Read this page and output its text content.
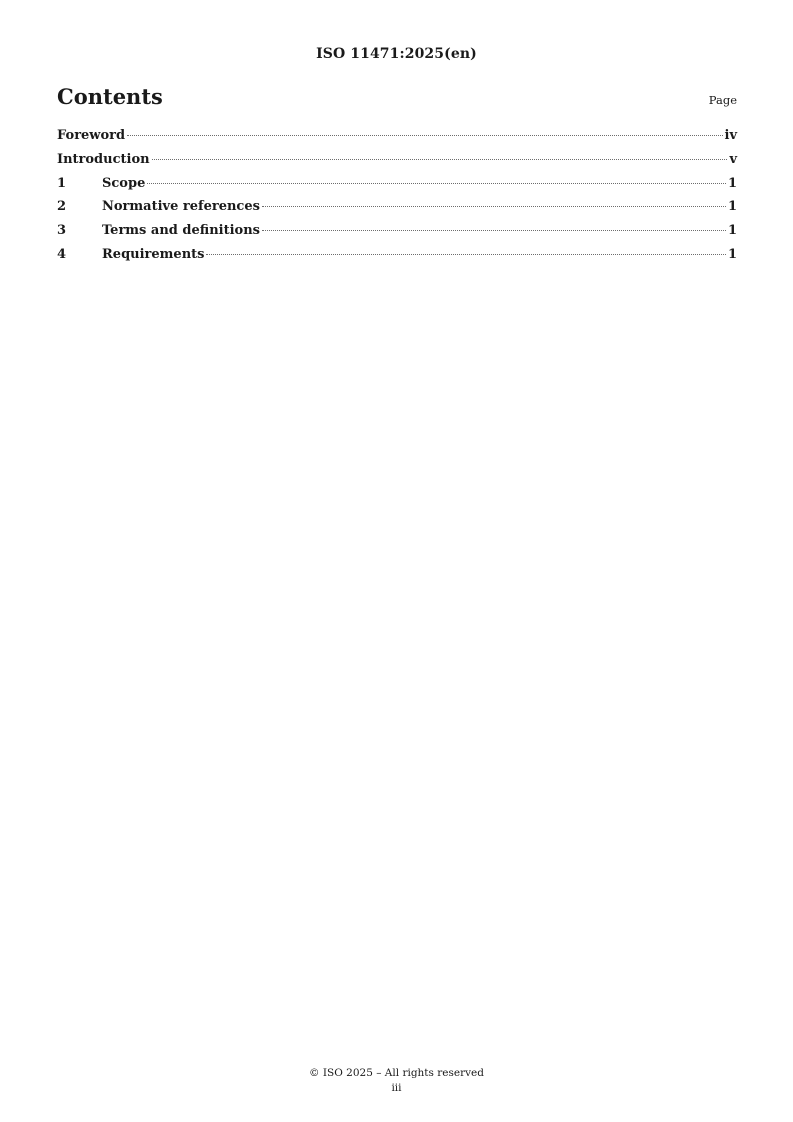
ISO 11471:2025(en)
Contents	Page
Foreword	iv
Introduction	v
1	Scope	1
2	Normative references	1
3	Terms and definitions	1
4	Requirements	1
© ISO 2025 – All rights reserved
iii
